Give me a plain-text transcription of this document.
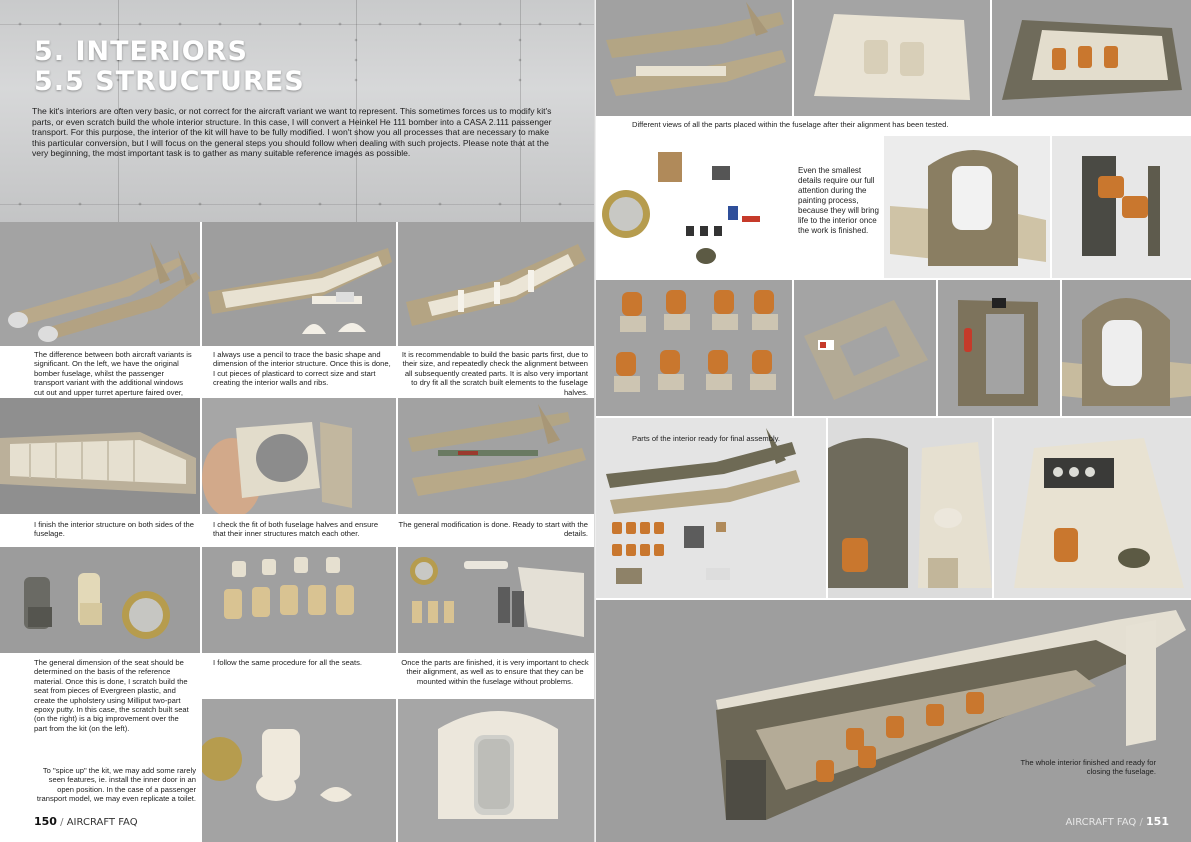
5. INTERIORS
5.5 STRUCTURES

The kit's interiors are often very basic, or not correct for the aircraft variant we want to represent. This sometimes forces us to modify kit's parts, or even scratch build the whole interior structure. In this case, I will convert a Heinkel He 111 bomber into a CASA 2.111 passenger transport. For this purpose, the interior of the kit will have to be fully modified. I won't show you all processes that are necessary to make this particular conversion, but I will focus on the general steps you should follow when dealing with such projects. Please note that at the very beginning, the most important task is to gather as many suitable reference images as possible.

The difference between both aircraft variants is significant. On the left, we have the original bomber fuselage, whilst the passenger transport variant with the additional windows cut out and upper turret aperture faired over,
I always use a pencil to trace the basic shape and dimension of the interior structure. Once this is done, I cut pieces of plasticard to correct size and start creating the interior walls and ribs.
It is recommendable to build the basic parts first, due to their size, and repeatedly check the alignment between all subsequently created parts. It is also very important to dry fit all the scratch built elements to the fuselage halves.
I finish the interior structure on both sides of the fuselage.
I check the fit of both fuselage halves and ensure that their inner structures match each other.
The general modification is done. Ready to start with the details.
The general dimension of the seat should be determined on the basis of the reference material. Once this is done, I scratch build the seat from pieces of Evergreen plastic, and create the upholstery using Milliput two-part epoxy putty. In this case, the scratch built seat (on the right) is a big improvement over the part from the kit (on the left).
I follow the same procedure for all the seats.	Once the parts are finished, it is very important to check their alignment, as well as to ensure that they can be mounted within the fuselage without problems.
To "spice up" the kit, we may add some rarely seen features, ie. install the inner door in an open position. In the case of a passenger transport model, we may even replicate a toilet.
150 / AIRCRAFT FAQ
Different views of all the parts placed within the fuselage after their alignment has been tested.
Even the smallest details require our full attention during the painting process, because they will bring life to the interior once the work is finished.
Parts of the interior ready for final assembly.
The whole interior finished and ready for closing the fuselage.
AIRCRAFT FAQ / 151
